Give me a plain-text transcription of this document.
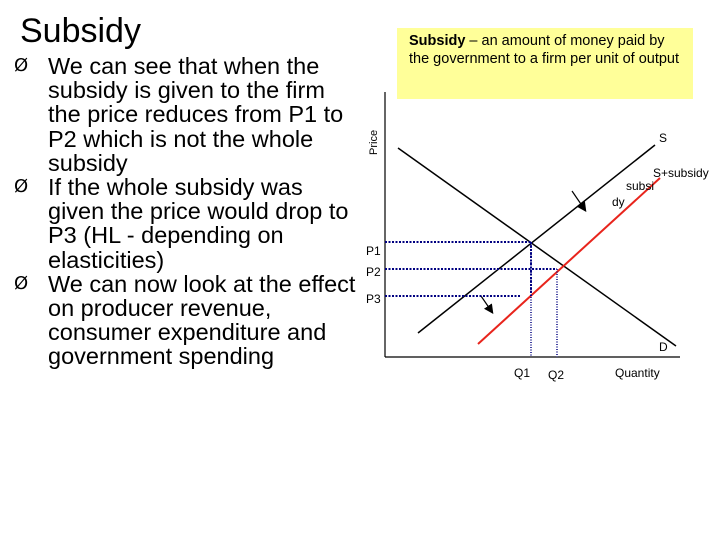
Subsidy
Ø We can see that when the subsidy is given to the firm the price reduces from P1 to P2 which is not the whole subsidy
Ø If the whole subsidy was given the price would drop to P3 (HL - depending on elasticities)
Ø We can now look at the effect on producer revenue, consumer expenditure and government spending
Subsidy – an amount of money paid by the government to a firm per unit of output
Price
Quantity
P1
P2
P3
Q1 Q2
S
S+subsidy
subsi
dy
D
